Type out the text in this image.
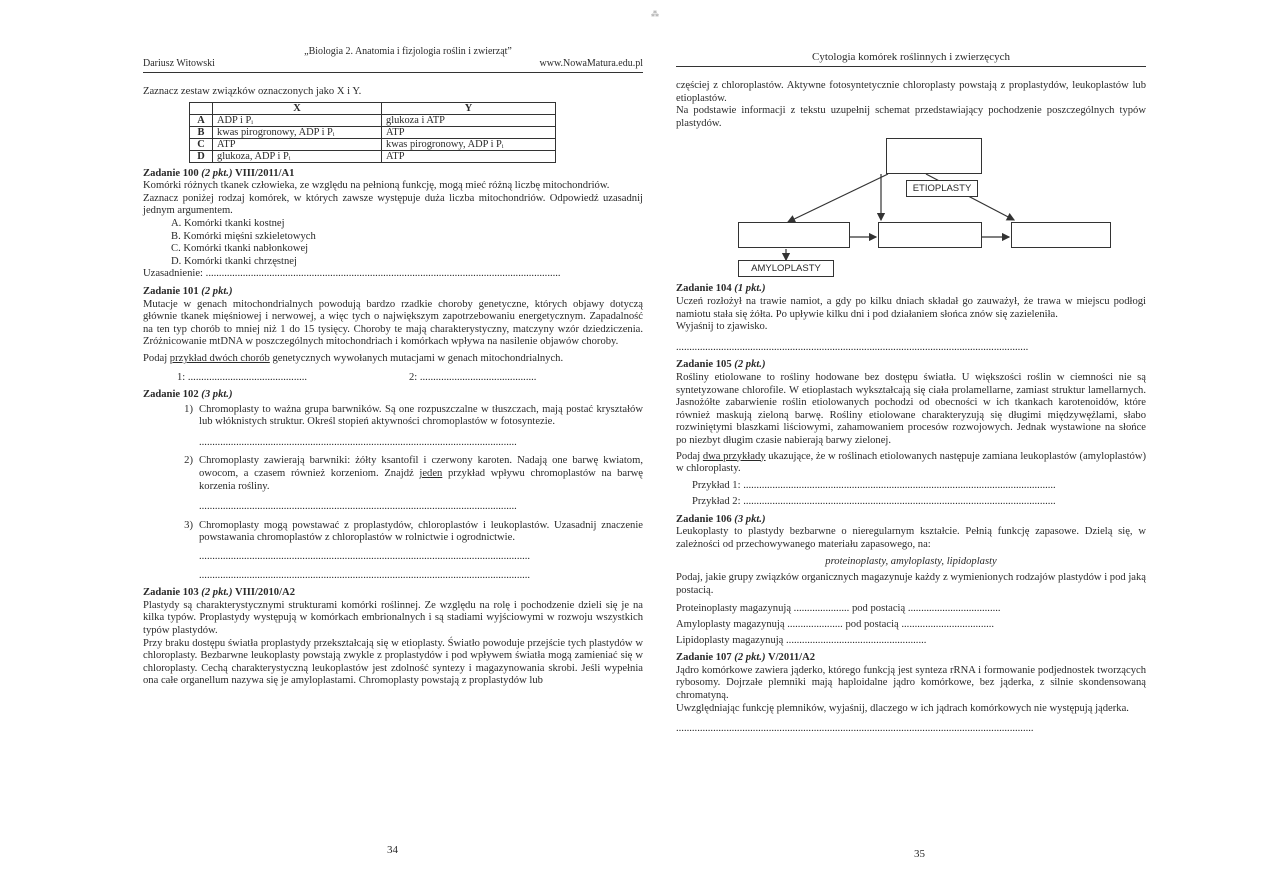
⁂
„Biologia 2. Anatomia i fizjologia roślin i zwierząt”
Dariusz Witowski	www.NowaMatura.edu.pl

Zaznacz zestaw związków oznaczonych jako X i Y.

	X	Y
A	ADP i Pᵢ	glukoza i ATP
B	kwas pirogronowy, ADP i Pᵢ	ATP
C	ATP	kwas pirogronowy, ADP i Pᵢ
D	glukoza, ADP i Pᵢ	ATP

Zadanie 100 (2 pkt.) VIII/2011/A1

Komórki różnych tkanek człowieka, ze względu na pełnioną funkcję, mogą mieć różną liczbę mitochondriów.

Zaznacz poniżej rodzaj komórek, w których zawsze występuje duża liczba mitochondriów. Odpowiedź uzasadnij jednym argumentem.

A. Komórki tkanki kostnej

B. Komórki mięśni szkieletowych

C. Komórki tkanki nabłonkowej

D. Komórki tkanki chrzęstnej

Uzasadnienie: ......................................................................................................................................

Zadanie 101 (2 pkt.)

Mutacje w genach mitochondrialnych powodują bardzo rzadkie choroby genetyczne, których objawy dotyczą głównie tkanek mięśniowej i nerwowej, a więc tych o największym zapotrzebowaniu energetycznym. Zapadalność na ten typ chorób to mniej niż 1 do 15 tysięcy. Choroby te mają charakterystyczny, matczyny wzór dziedziczenia. Zróżnicowanie mtDNA w poszczególnych mitochondriach i komórkach wpływa na nasilenie objawów choroby.

Podaj przykład dwóch chorób genetycznych wywołanych mutacjami w genach mitochondrialnych.

1: .............................................	2: ............................................

Zadanie 102 (3 pkt.)

1) Chromoplasty to ważna grupa barwników. Są one rozpuszczalne w tłuszczach, mają postać kryształów lub włóknistych struktur. Określ stopień aktywności chromoplastów w fotosyntezie.

........................................................................................................................

2) Chromoplasty zawierają barwniki: żółty ksantofil i czerwony karoten. Nadają one barwę kwiatom, owocom, a czasem również korzeniom. Znajdź jeden przykład wpływu chromoplastów na barwę korzenia rośliny.

........................................................................................................................

3) Chromoplasty mogą powstawać z proplastydów, chloroplastów i leukoplastów. Uzasadnij znaczenie powstawania chromoplastów z chloroplastów w rolnictwie i ogrodnictwie.

.............................................................................................................................

.............................................................................................................................

Zadanie 103 (2 pkt.) VIII/2010/A2

Plastydy są charakterystycznymi strukturami komórki roślinnej. Ze względu na rolę i pochodzenie dzieli się je na kilka typów. Proplastydy występują w komórkach embrionalnych i są stadiami wyjściowymi w rozwoju wszystkich typów plastydów.

Przy braku dostępu światła proplastydy przekształcają się w etioplasty. Światło powoduje przejście tych plastydów w chloroplasty. Bezbarwne leukoplasty powstają zwykle z proplastydów i pod wpływem światła mogą zamieniać się w chloroplasty. Cechą charakterystyczną leukoplastów jest zdolność syntezy i magazynowania skrobi. Jeśli wypełnia ona całe organellum nazywa się je amyloplastami. Chromoplasty powstają z proplastydów lub

34
Cytologia komórek roślinnych i zwierzęcych

częściej z chloroplastów. Aktywne fotosyntetycznie chloroplasty powstają z proplastydów, leukoplastów lub etioplastów.

Na podstawie informacji z tekstu uzupełnij schemat przedstawiający pochodzenie poszczególnych typów plastydów.

ETIOPLASTY
AMYLOPLASTY

Zadanie 104 (1 pkt.)

Uczeń rozłożył na trawie namiot, a gdy po kilku dniach składał go zauważył, że trawa w miejscu podłogi namiotu stała się żółta. Po upływie kilku dni i pod działaniem słońca znów się zazieleniła.

Wyjaśnij to zjawisko.

.....................................................................................................................................

Zadanie 105 (2 pkt.)

Rośliny etiolowane to rośliny hodowane bez dostępu światła. U większości roślin w ciemności nie są syntetyzowane chlorofile. W etioplastach wykształcają się ciała prolamellarne, zamiast struktur lamellarnych. Jasnożółte zabarwienie roślin etiolowanych pochodzi od obecności w ich tkankach karotenoidów, które również maskują zieloną barwę. Rośliny etiolowane charakteryzują się długimi międzywęźlami, słabo rozwiniętymi blaszkami liściowymi, zahamowaniem procesów rozwojowych. Jednak wystawione na słońce po niezbyt długim czasie nabierają barwy zielonej.

Podaj dwa przykłady ukazujące, że w roślinach etiolowanych następuje zamiana leukoplastów (amyloplastów) w chloroplasty.

Przykład 1: ......................................................................................................................

Przykład 2: ......................................................................................................................

Zadanie 106 (3 pkt.)

Leukoplasty to plastydy bezbarwne o nieregularnym kształcie. Pełnią funkcję zapasowe. Dzielą się, w zależności od przechowywanego materiału zapasowego, na:

proteinoplasty, amyloplasty, lipidoplasty

Podaj, jakie grupy związków organicznych magazynuje każdy z wymienionych rodzajów plastydów i pod jaką postacią.

Proteinoplasty magazynują ..................... pod postacią ...................................

Amyloplasty magazynują ..................... pod postacią ...................................

Lipidoplasty magazynują .....................................................

Zadanie 107 (2 pkt.) V/2011/A2

Jądro komórkowe zawiera jąderko, którego funkcją jest synteza rRNA i formowanie podjednostek tworzących rybosomy. Dojrzałe plemniki mają haploidalne jądro komórkowe, bez jąderka, z silnie skondensowaną chromatyną.

Uwzględniając funkcję plemników, wyjaśnij, dlaczego w ich jądrach komórkowych nie występują jąderka.

.......................................................................................................................................

35
